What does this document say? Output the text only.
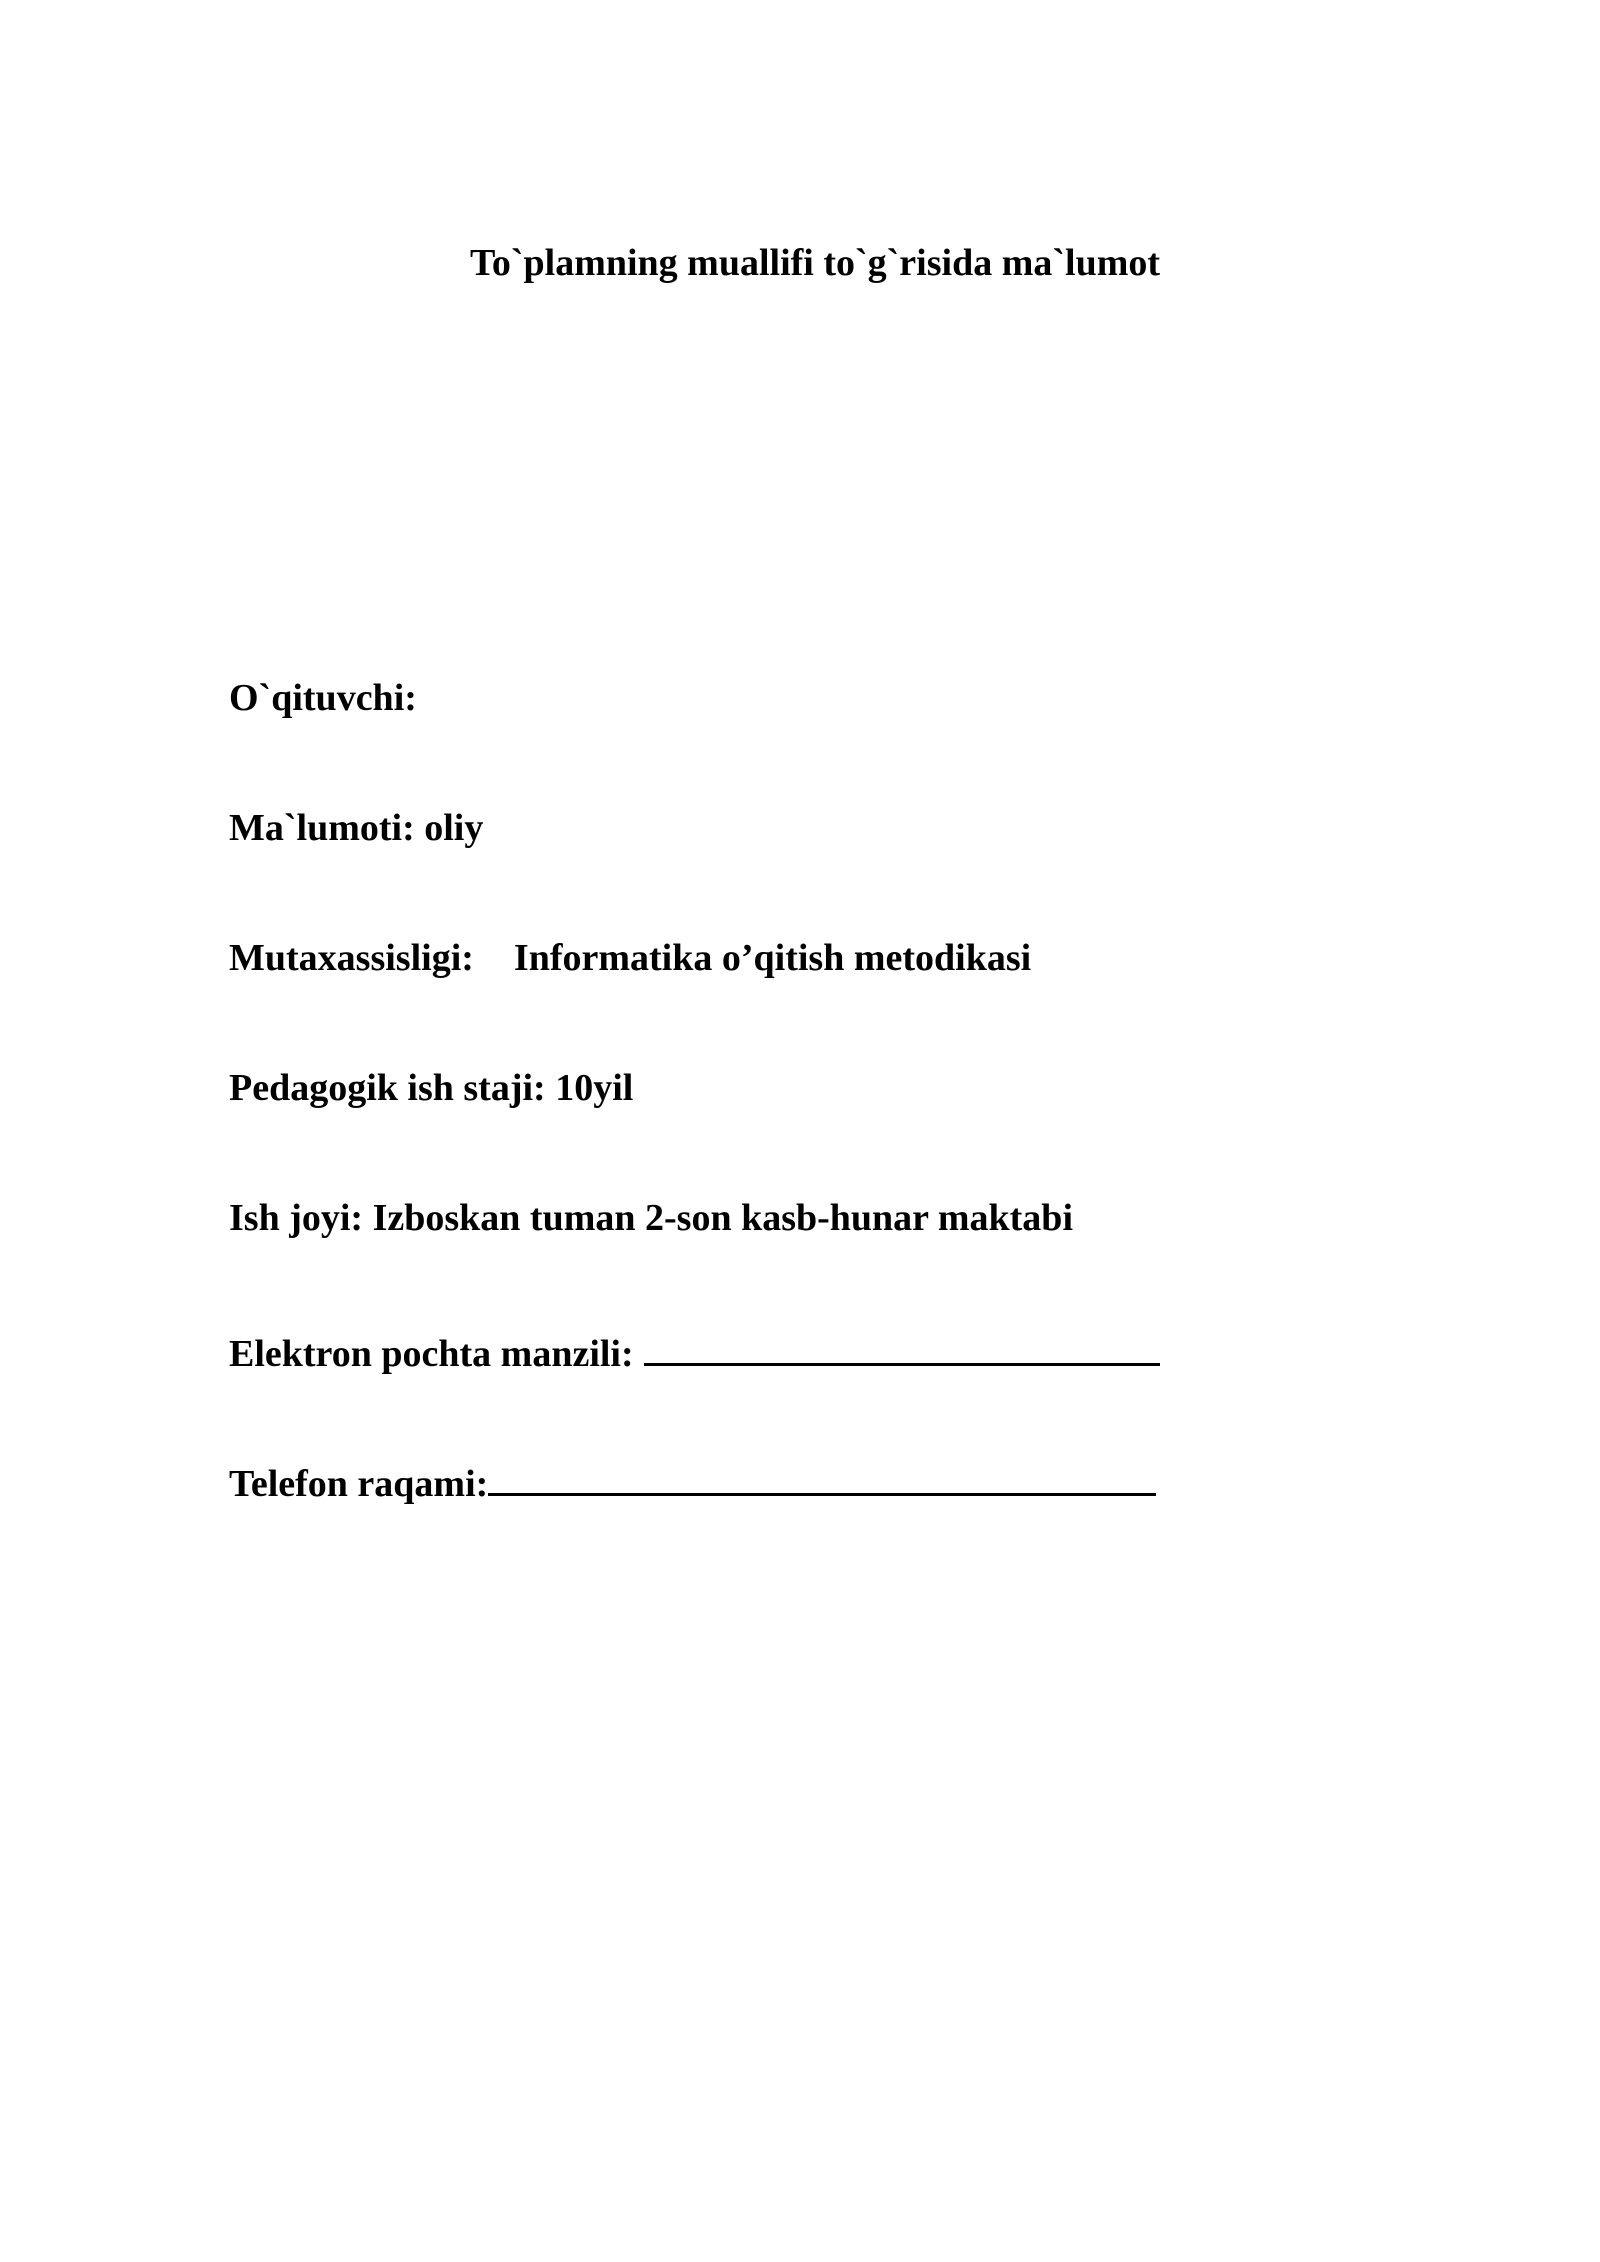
To`plamning muallifi to`g`risida ma`lumot
O`qituvchi:
Ma`lumoti: oliy
Mutaxassisligi: Informatika o’qitish metodikasi
Pedagogik ish staji: 10yil
Ish joyi: Izboskan tuman 2-son kasb-hunar maktabi
Elektron pochta manzili:
Telefon raqami:
